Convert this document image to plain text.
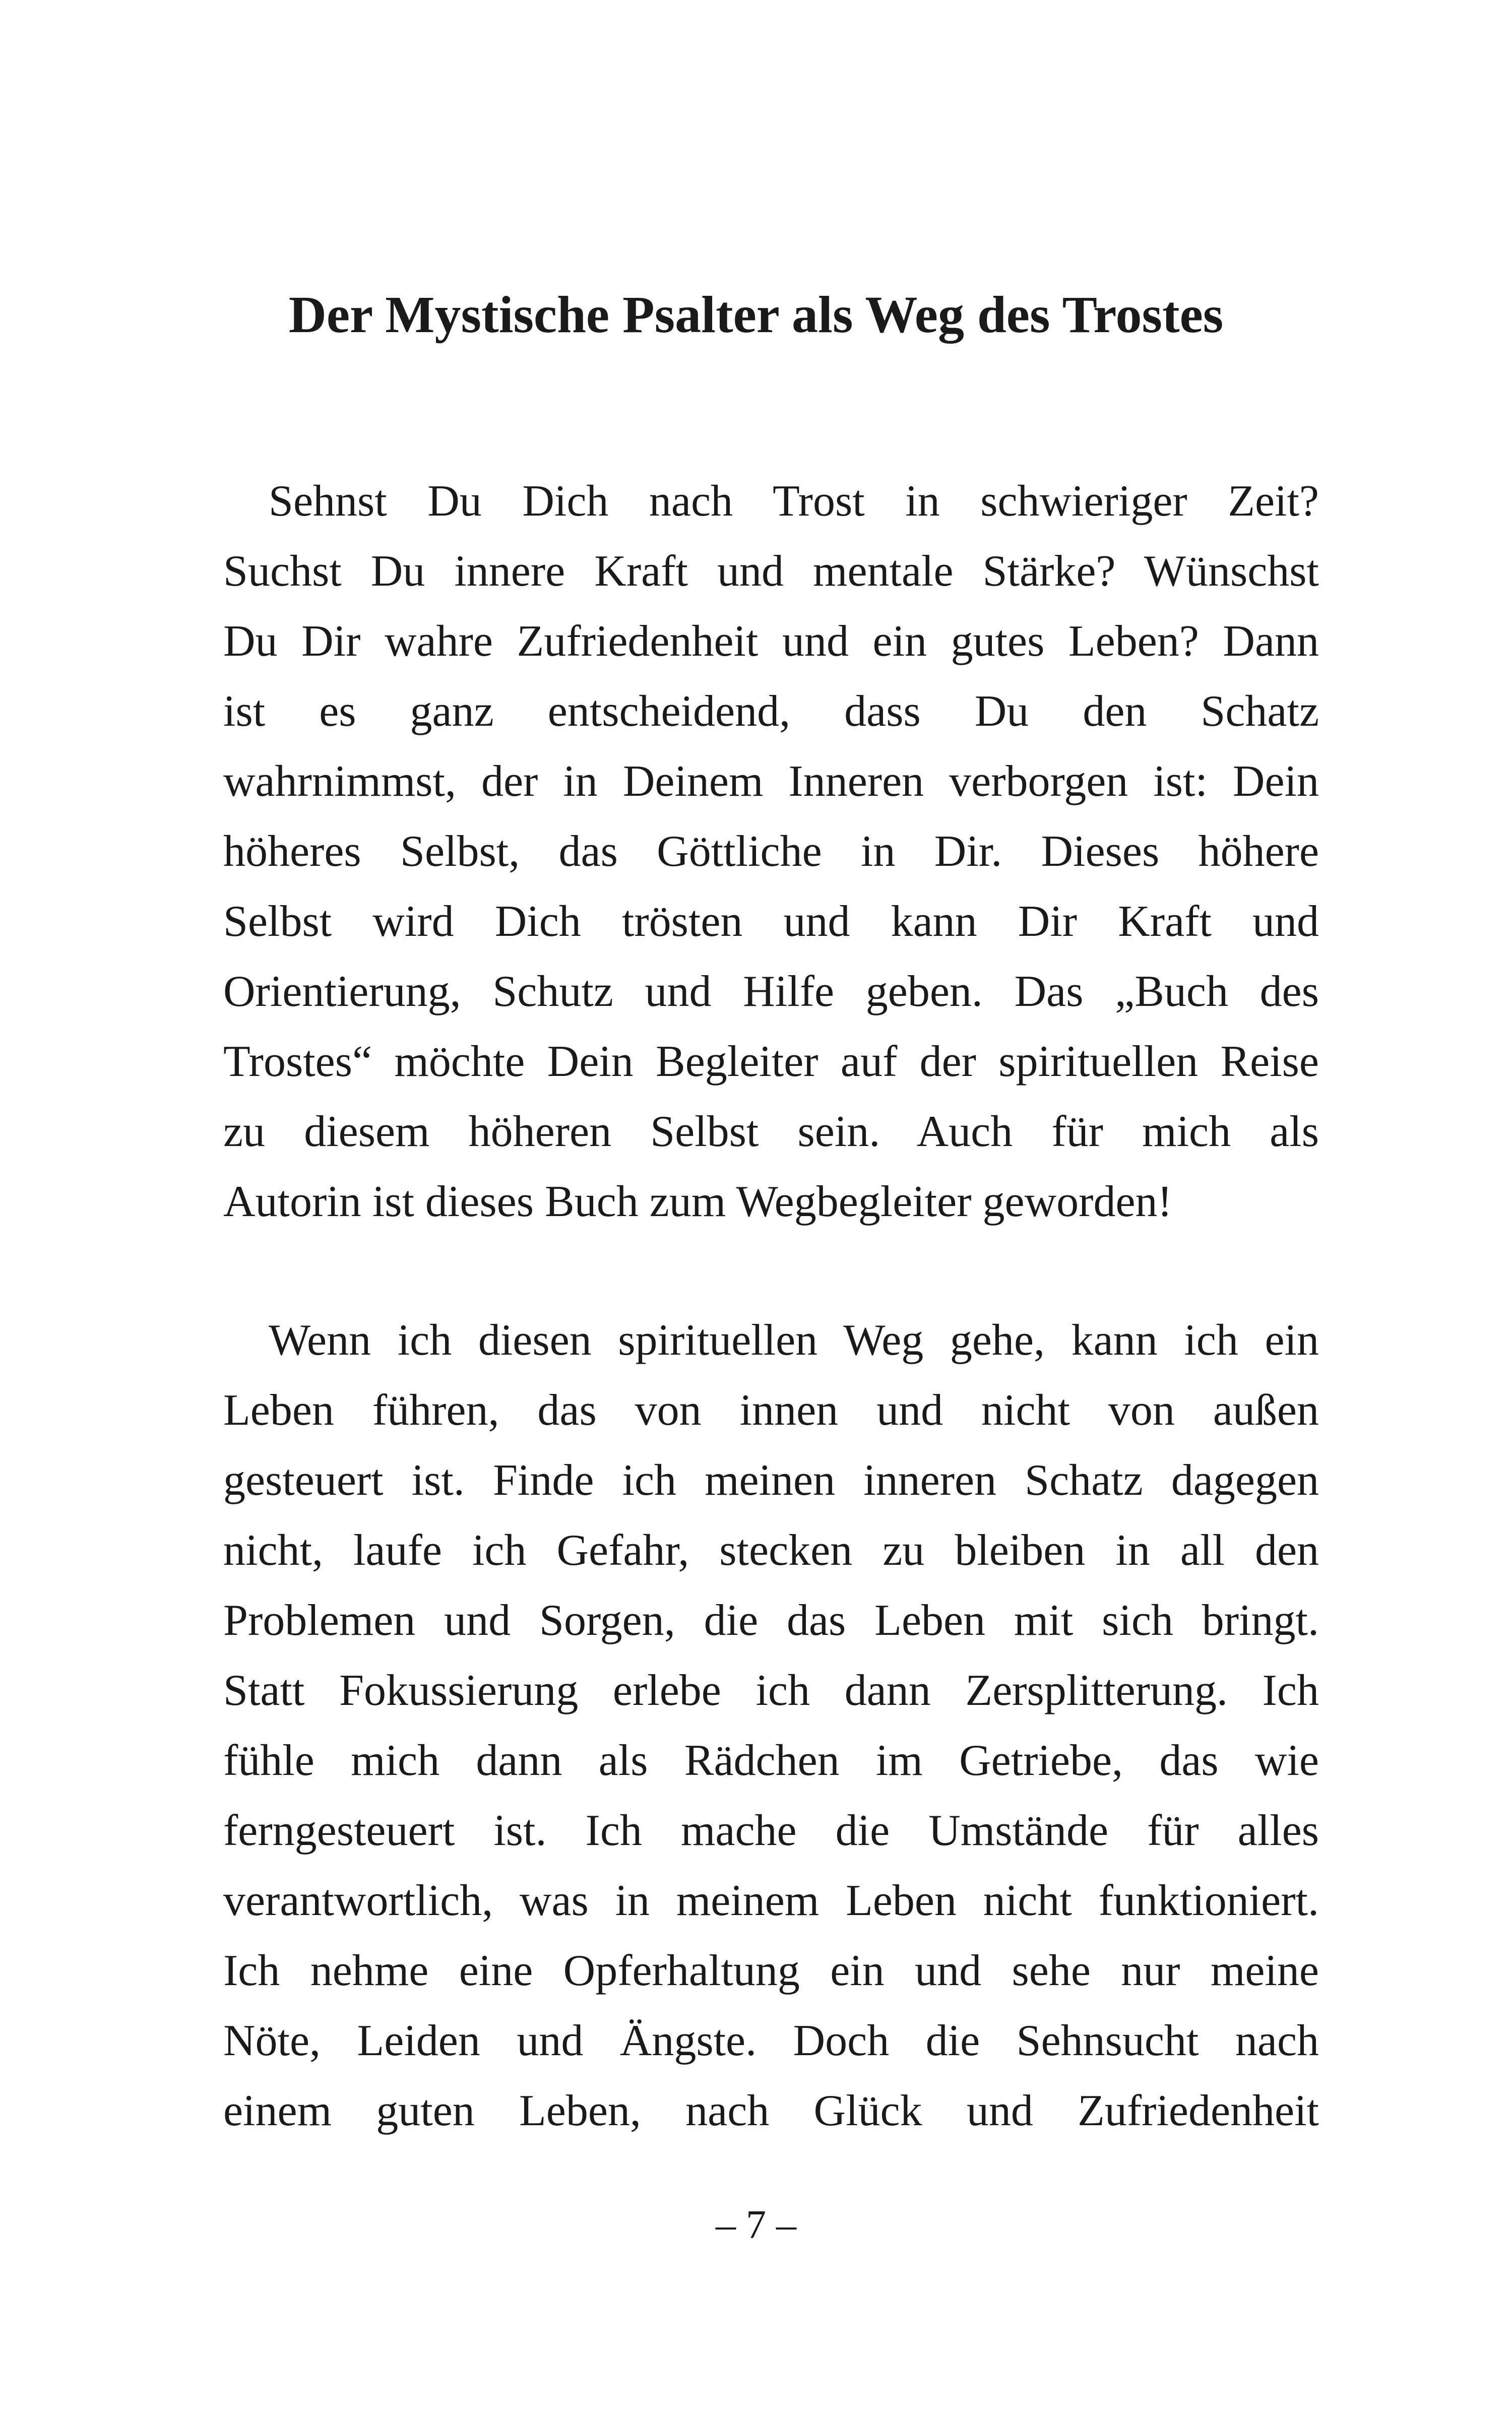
Der Mystische Psalter als Weg des Trostes
Sehnst Du Dich nach Trost in schwieriger Zeit?
Suchst Du innere Kraft und mentale Stärke? Wünschst
Du Dir wahre Zufriedenheit und ein gutes Leben? Dann
ist es ganz entscheidend, dass Du den Schatz
wahrnimmst, der in Deinem Inneren verborgen ist: Dein
höheres Selbst, das Göttliche in Dir. Dieses höhere
Selbst wird Dich trösten und kann Dir Kraft und
Orientierung, Schutz und Hilfe geben. Das „Buch des
Trostes“ möchte Dein Begleiter auf der spirituellen Reise
zu diesem höheren Selbst sein. Auch für mich als
Autorin ist dieses Buch zum Wegbegleiter geworden!
Wenn ich diesen spirituellen Weg gehe, kann ich ein
Leben führen, das von innen und nicht von außen
gesteuert ist. Finde ich meinen inneren Schatz dagegen
nicht, laufe ich Gefahr, stecken zu bleiben in all den
Problemen und Sorgen, die das Leben mit sich bringt.
Statt Fokussierung erlebe ich dann Zersplitterung. Ich
fühle mich dann als Rädchen im Getriebe, das wie
ferngesteuert ist. Ich mache die Umstände für alles
verantwortlich, was in meinem Leben nicht funktioniert.
Ich nehme eine Opferhaltung ein und sehe nur meine
Nöte, Leiden und Ängste. Doch die Sehnsucht nach
einem guten Leben, nach Glück und Zufriedenheit
– 7 –
